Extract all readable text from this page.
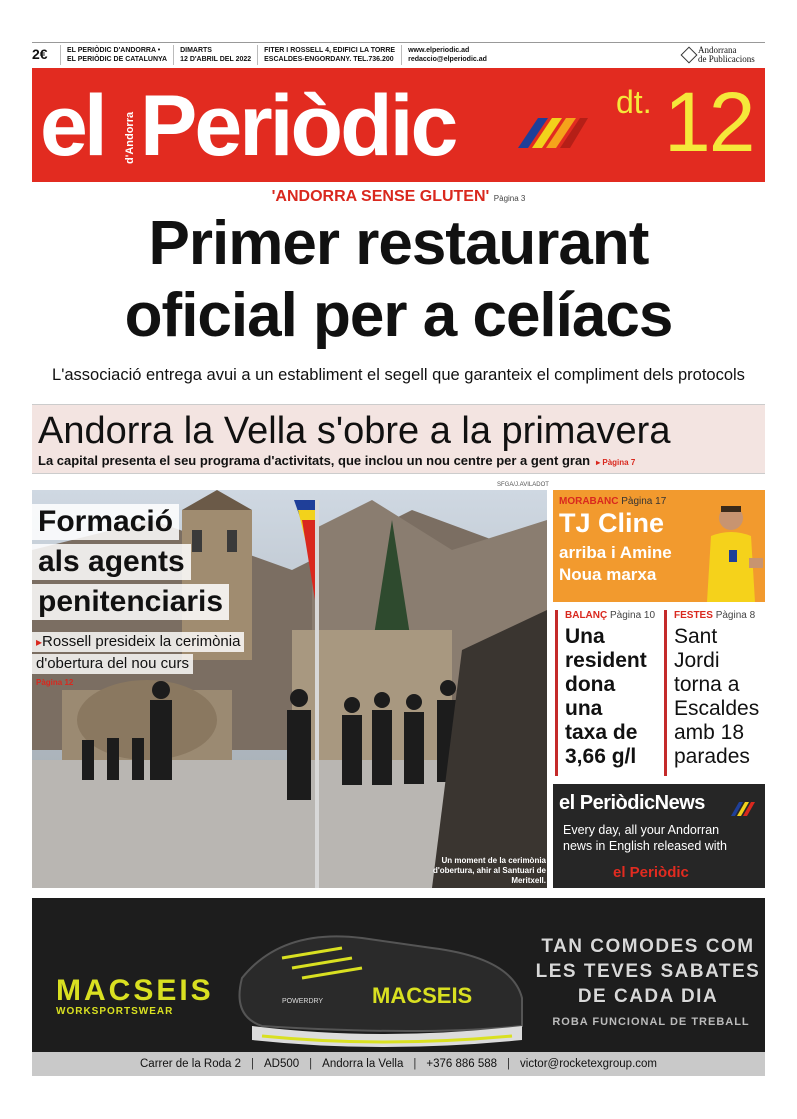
2€	EL PERIÒDIC D'ANDORRA •
EL PERIÒDIC DE CATALUNYA
DIMARTS
12 D'ABRIL DEL 2022
FITER I ROSSELL 4, EDIFICI LA TORRE
ESCALDES-ENGORDANY. TEL.736.200
www.elperiodic.ad
redaccio@elperiodic.ad
Andorrana
de Publicacions
el d'Andorra Periòdic	dt. 12
'ANDORRA SENSE GLUTEN' Pàgina 3
Primer restaurant
oficial per a celíacs
L'associació entrega avui a un establiment el segell que garanteix el compliment dels protocols
Andorra la Vella s'obre a la primavera
La capital presenta el seu programa d'activitats, que inclou un nou centre per a gent gran ▸ Pàgina 7
SFGA/J.AVILADOT
Formació
als agents
penitenciaris
▸Rossell presideix la cerimònia
d'obertura del nou curs
Pàgina 12
Un moment de la cerimònia d'obertura, ahir al Santuari de Meritxell.
MORABANC Pàgina 17
TJ Cline
arriba i Amine
Noua marxa
BALANÇ Pàgina 10
Una
resident
dona
una
taxa de
3,66 g/l
FESTES Pàgina 8
Sant
Jordi
torna a
Escaldes
amb 18
parades
el PeriòdicNews
Every day, all your Andorran
news in English released with
el Periòdic
MACSEIS
POWERDRY
MACSEIS
WORKSPORTSWEAR
TAN COMODES COM
LES TEVES SABATES
DE CADA DIA
ROBA FUNCIONAL DE TREBALL
Carrer de la Roda 2 | AD500 | Andorra la Vella | +376 886 588 | victor@rocketexgroup.com
